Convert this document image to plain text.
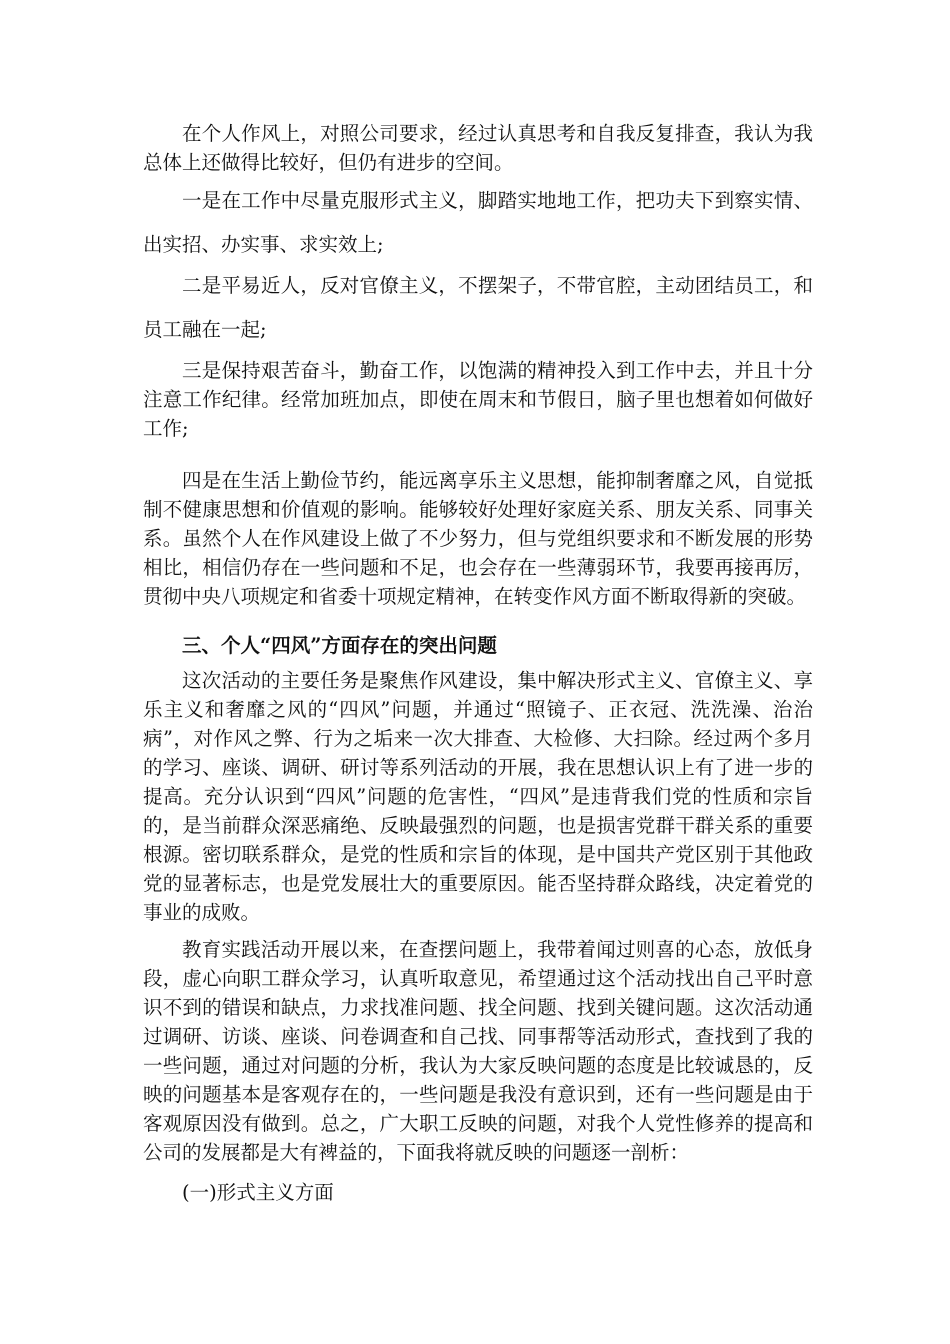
在个人作风上，对照公司要求，经过认真思考和自我反复排查，我认为我总体上还做得比较好，但仍有进步的空间。

一是在工作中尽量克服形式主义，脚踏实地地工作，把功夫下到察实情、出实招、办实事、求实效上;

二是平易近人，反对官僚主义，不摆架子，不带官腔，主动团结员工，和员工融在一起;

三是保持艰苦奋斗，勤奋工作，以饱满的精神投入到工作中去，并且十分注意工作纪律。经常加班加点，即使在周末和节假日，脑子里也想着如何做好工作;

四是在生活上勤俭节约，能远离享乐主义思想，能抑制奢靡之风，自觉抵制不健康思想和价值观的影响。能够较好处理好家庭关系、朋友关系、同事关系。虽然个人在作风建设上做了不少努力，但与党组织要求和不断发展的形势相比，相信仍存在一些问题和不足，也会存在一些薄弱环节，我要再接再厉，贯彻中央八项规定和省委十项规定精神，在转变作风方面不断取得新的突破。

三、个人“四风”方面存在的突出问题

这次活动的主要任务是聚焦作风建设，集中解决形式主义、官僚主义、享乐主义和奢靡之风的“四风”问题，并通过“照镜子、正衣冠、洗洗澡、治治病”，对作风之弊、行为之垢来一次大排查、大检修、大扫除。经过两个多月的学习、座谈、调研、研讨等系列活动的开展，我在思想认识上有了进一步的提高。充分认识到“四风”问题的危害性，“四风”是违背我们党的性质和宗旨的，是当前群众深恶痛绝、反映最强烈的问题，也是损害党群干群关系的重要根源。密切联系群众，是党的性质和宗旨的体现，是中国共产党区别于其他政党的显著标志，也是党发展壮大的重要原因。能否坚持群众路线，决定着党的事业的成败。

教育实践活动开展以来，在查摆问题上，我带着闻过则喜的心态，放低身段，虚心向职工群众学习，认真听取意见，希望通过这个活动找出自己平时意识不到的错误和缺点，力求找准问题、找全问题、找到关键问题。这次活动通过调研、访谈、座谈、问卷调查和自己找、同事帮等活动形式，查找到了我的一些问题，通过对问题的分析，我认为大家反映问题的态度是比较诚恳的，反映的问题基本是客观存在的，一些问题是我没有意识到，还有一些问题是由于客观原因没有做到。总之，广大职工反映的问题，对我个人党性修养的提高和公司的发展都是大有裨益的，下面我将就反映的问题逐一剖析：

(一)形式主义方面
